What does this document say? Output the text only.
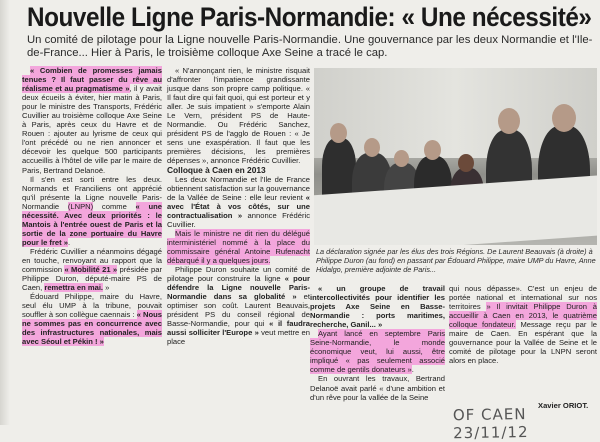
Nouvelle Ligne Paris-Normandie: « Une nécessité»
Un comité de pilotage pour la Ligne nouvelle Paris-Normandie. Une gouvernance par les deux Normandie et l'Ile-de-France... Hier à Paris, le troisième colloque Axe Seine a tracé le cap.

« Combien de promesses jamais tenues ? Il faut passer du rêve au réalisme et au pragmatisme », il y avait deux écueils à éviter, hier matin à Paris, pour le ministre des Transports, Frédéric Cuvillier au troisième colloque Axe Seine à Paris, après ceux du Havre et de Rouen : ajouter au lyrisme de ceux qui l'ont précédé ou ne rien annoncer et décevoir les quelque 500 participants accueillis à l'hôtel de ville par le maire de Paris, Bertrand Delanoë.

Il s'en est sorti entre les deux. Normands et Franciliens ont apprécié qu'il présente la Ligne nouvelle Paris-Normandie (LNPN) comme « une nécessité. Avec deux priorités : le Mantois à l'entrée ouest de Paris et la sortie de la zone portuaire du Havre pour le fret ».

Frédéric Cuvillier a néanmoins dégagé en touche, renvoyant au rapport que la commission « Mobilité 21 » présidée par Philippe Duron, député-maire PS de Caen, remettra en mai. »

Édouard Philippe, maire du Havre, seul élu UMP à la tribune, pouvait souffler à son collègue caennais : « Nous ne sommes pas en concurrence avec des infrastructures nationales, mais avec Séoul et Pékin ! »

« N'annonçant rien, le ministre risquait d'affronter l'impatience grandissante jusque dans son propre camp politique. « Il faut dire qui fait quoi, qui est porteur et y aller. Je suis impatient » s'emporte Alain Le Vern, président PS de Haute-Normandie. Ou Frédéric Sanchez, président PS de l'agglo de Rouen : « Je sens une exaspération. Il faut que les premières décisions, les premières dépenses », annonce Frédéric Cuvillier.

Colloque à Caen en 2013

Les deux Normandie et l'Ile de France obtiennent satisfaction sur la gouvernance de la Vallée de Seine : elle leur revient « avec l'État à vos côtés, sur une contractualisation » annonce Frédéric Cuvillier.

Mais le ministre ne dit rien du délégué interministériel nommé à la place du commissaire général Antoine Rufenacht débarqué il y a quelques jours.

Philippe Duron souhaite un comité de pilotage pour construire la ligne « pour défendre la Ligne nouvelle Paris-Normandie dans sa globalité » et optimiser son coût. Laurent Beauvais, président PS du conseil régional de Basse-Normandie, pour qui « il faudra aussi solliciter l'Europe » veut mettre en place

La déclaration signée par les élus des trois Régions. De Laurent Beauvais (à droite) à Philippe Duron (au fond) en passant par Édouard Philippe, maire UMP du Havre, Anne Hidalgo, première adjointe de Paris...

« un groupe de travail intercollectivités pour identifier les projets Axe Seine en Basse-Normandie : ports maritimes, recherche, Ganil... »

Ayant lancé en septembre Paris Seine-Normandie, le monde économique veut, lui aussi, être impliqué « pas seulement associé comme de gentils donateurs ».

En ouvrant les travaux, Bertrand Delanoë avait parlé « d'une ambition et d'un rêve pour la vallée de la Seine

qui nous dépasse». C'est un enjeu de portée national et international sur nos territoires » Il invitait Philippe Duron à accueillir à Caen en 2013, le quatrième colloque fondateur. Message reçu par le maire de Caen. En espérant que la gouvernance pour la Vallée de Seine et le comité de pilotage pour la LNPN seront alors en place.

Xavier ORIOT.
OF CAEN 23/11/12
